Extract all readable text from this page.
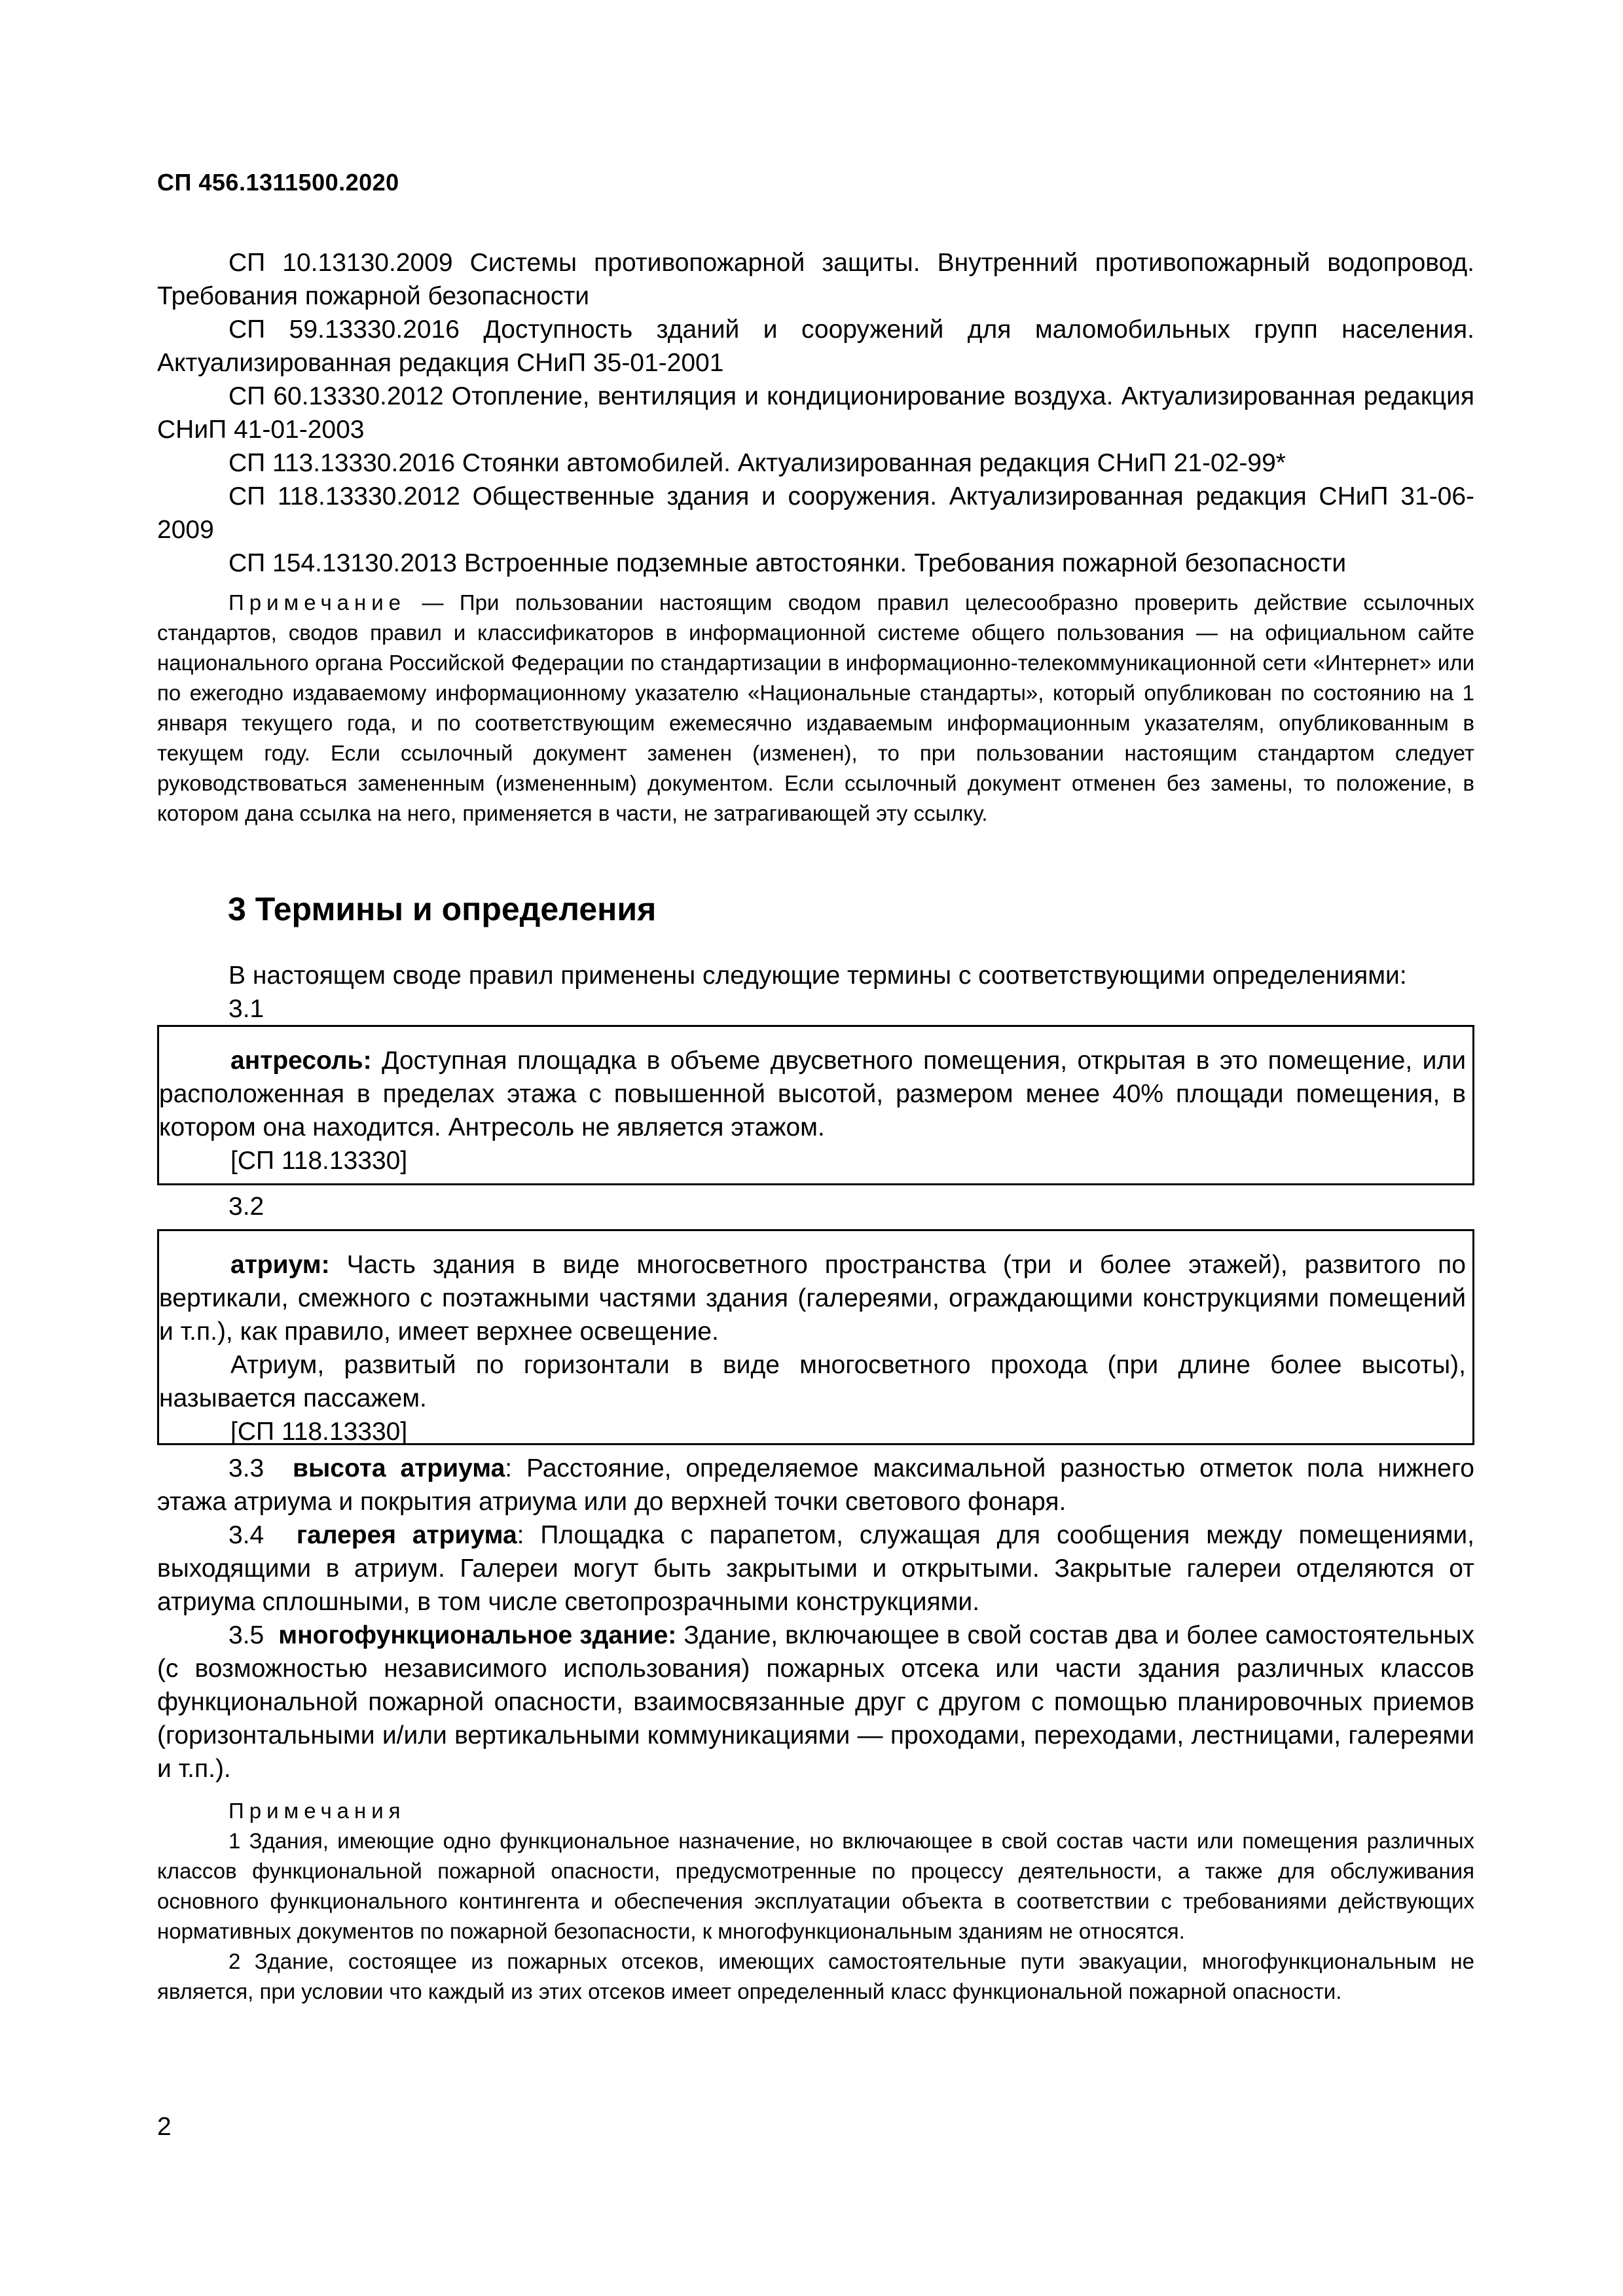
СП 456.1311500.2020

СП 10.13130.2009 Системы противопожарной защиты. Внутренний противопожарный водопровод. Требования пожарной безопасности

СП 59.13330.2016 Доступность зданий и сооружений для маломобильных групп населения. Актуализированная редакция СНиП 35-01-2001

СП 60.13330.2012 Отопление, вентиляция и кондиционирование воздуха. Актуализированная редакция СНиП 41-01-2003

СП 113.13330.2016 Стоянки автомобилей. Актуализированная редакция СНиП 21-02-99*

СП 118.13330.2012 Общественные здания и сооружения. Актуализированная редакция СНиП 31-06-2009

СП 154.13130.2013 Встроенные подземные автостоянки. Требования пожарной безопасности

Примечание — При пользовании настоящим сводом правил целесообразно проверить действие ссылочных стандартов, сводов правил и классификаторов в информационной системе общего пользования — на официальном сайте национального органа Российской Федерации по стандартизации в информационно-телекоммуникационной сети «Интернет» или по ежегодно издаваемому информационному указателю «Национальные стандарты», который опубликован по состоянию на 1 января текущего года, и по соответствующим ежемесячно издаваемым информационным указателям, опубликованным в текущем году. Если ссылочный документ заменен (изменен), то при пользовании настоящим стандартом следует руководствоваться замененным (измененным) документом. Если ссылочный документ отменен без замены, то положение, в котором дана ссылка на него, применяется в части, не затрагивающей эту ссылку.

3 Термины и определения

В настоящем своде правил применены следующие термины с соответствующими определениями:

3.1

антресоль: Доступная площадка в объеме двусветного помещения, открытая в это помещение, или расположенная в пределах этажа с повышенной высотой, размером менее 40% площади помещения, в котором она находится. Антресоль не является этажом.

[СП 118.13330]

3.2

атриум: Часть здания в виде многосветного пространства (три и более этажей), развитого по вертикали, смежного с поэтажными частями здания (галереями, ограждающими конструкциями помещений и т.п.), как правило, имеет верхнее освещение.

Атриум, развитый по горизонтали в виде многосветного прохода (при длине более высоты), называется пассажем.

[СП 118.13330]

3.3 высота атриума: Расстояние, определяемое максимальной разностью отметок пола нижнего этажа атриума и покрытия атриума или до верхней точки светового фонаря.

3.4 галерея атриума: Площадка с парапетом, служащая для сообщения между помещениями, выходящими в атриум. Галереи могут быть закрытыми и открытыми. Закрытые галереи отделяются от атриума сплошными, в том числе светопрозрачными конструкциями.

3.5 многофункциональное здание: Здание, включающее в свой состав два и более самостоятельных (с возможностью независимого использования) пожарных отсека или части здания различных классов функциональной пожарной опасности, взаимосвязанные друг с другом с помощью планировочных приемов (горизонтальными и/или вертикальными коммуникациями — проходами, переходами, лестницами, галереями и т.п.).

Примечания

1 Здания, имеющие одно функциональное назначение, но включающее в свой состав части или помещения различных классов функциональной пожарной опасности, предусмотренные по процессу деятельности, а также для обслуживания основного функционального контингента и обеспечения эксплуатации объекта в соответствии с требованиями действующих нормативных документов по пожарной безопасности, к многофункциональным зданиям не относятся.

2 Здание, состоящее из пожарных отсеков, имеющих самостоятельные пути эвакуации, многофункциональным не является, при условии что каждый из этих отсеков имеет определенный класс функциональной пожарной опасности.

2
